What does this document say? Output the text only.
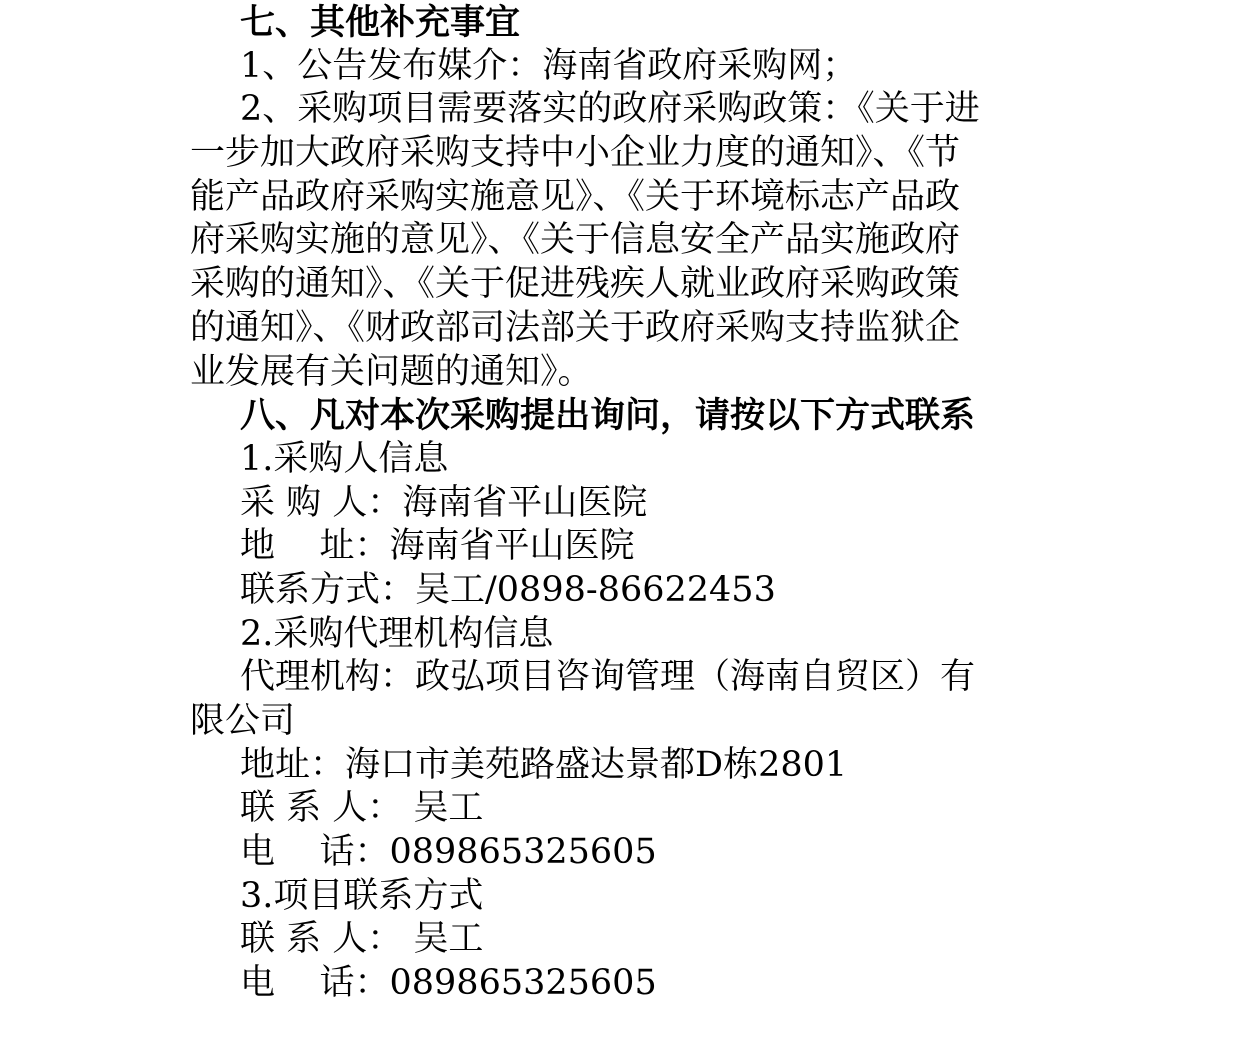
七、其他补充事宜
1、公告发布媒介：海南省政府采购网；
2、采购项目需要落实的政府采购政策：《关于进
一步加大政府采购支持中小企业力度的通知》、《节
能产品政府采购实施意见》、《关于环境标志产品政
府采购实施的意见》、《关于信息安全产品实施政府
采购的通知》、《关于促进残疾人就业政府采购政策
的通知》、《财政部司法部关于政府采购支持监狱企
业发展有关问题的通知》。
八、凡对本次采购提出询问，请按以下方式联系
1.采购人信息
采 购 人：海南省平山医院
地    址：海南省平山医院
联系方式：吴工/0898-86622453
2.采购代理机构信息
代理机构：政弘项目咨询管理（海南自贸区）有
限公司
地址：海口市美苑路盛达景都D栋2801
联 系 人： 吴工
电    话：089865325605
3.项目联系方式
联 系 人： 吴工
电    话：089865325605
